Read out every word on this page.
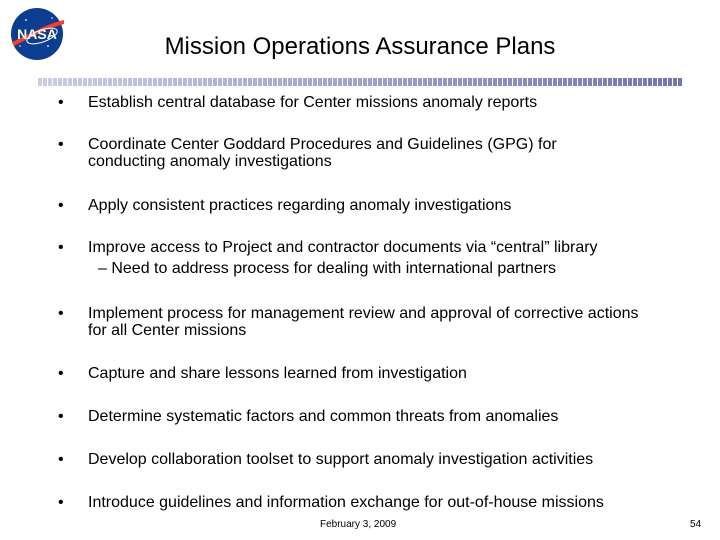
NASA	Mission Operations Assurance Plans
• Establish central database for Center missions anomaly reports
• Coordinate Center Goddard Procedures and Guidelines (GPG) for conducting anomaly investigations
• Apply consistent practices regarding anomaly investigations
• Improve access to Project and contractor documents via “central” library
– Need to address process for dealing with international partners
• Implement process for management review and approval of corrective actions for all Center missions
• Capture and share lessons learned from investigation
• Determine systematic factors and common threats from anomalies
• Develop collaboration toolset to support anomaly investigation activities
• Introduce guidelines and information exchange for out-of-house missions
February 3, 2009	54
